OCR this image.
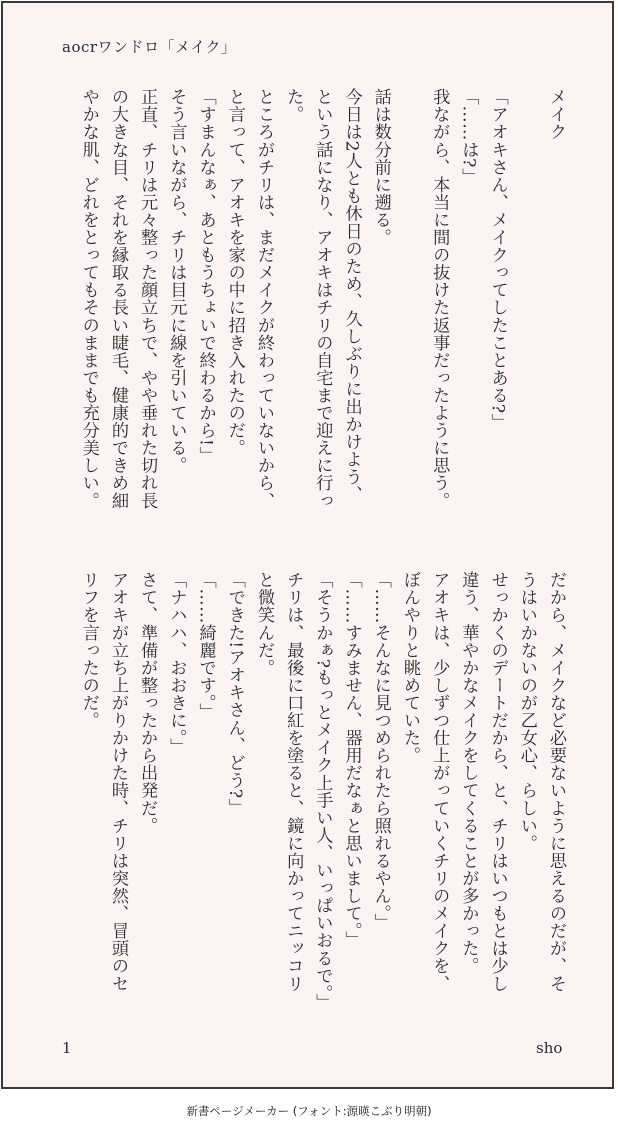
aocrワンドロ「メイク」
メイク

「アオキさん、メイクってしたことある?」
「……は?」
我ながら、本当に間の抜けた返事だったように思う。

話は数分前に遡る。
今日は2人とも休日のため、久しぶりに出かけよう、
という話になり、アオキはチリの自宅まで迎えに行っ
た。
ところがチリは、まだメイクが終わっていないから、
と言って、アオキを家の中に招き入れたのだ。
「すまんなぁ、あともうちょいで終わるから!」
そう言いながら、チリは目元に線を引いている。
正直、チリは元々整った顔立ちで、やや垂れた切れ長
の大きな目、それを縁取る長い睫毛、健康的できめ細
やかな肌、どれをとってもそのままでも充分美しい。
だから、メイクなど必要ないように思えるのだが、そ
うはいかないのが乙女心、らしい。
せっかくのデートだから、と、チリはいつもとは少し
違う、華やかなメイクをしてくることが多かった。
アオキは、少しずつ仕上がっていくチリのメイクを、
ぼんやりと眺めていた。
「……そんなに見つめられたら照れるやん。」
「……すみません、器用だなぁと思いまして。」
「そうかぁ?もっとメイク上手い人、いっぱいおるで。」
チリは、最後に口紅を塗ると、鏡に向かってニッコリ
と微笑んだ。
「できた!アオキさん、どう?」
「……綺麗です。」
「ナハハ、おおきに。」
さて、準備が整ったから出発だ。
アオキが立ち上がりかけた時、チリは突然、冒頭のセ
リフを言ったのだ。
1	sho
新書ページメーカー (フォント:源暎こぶり明朝)
